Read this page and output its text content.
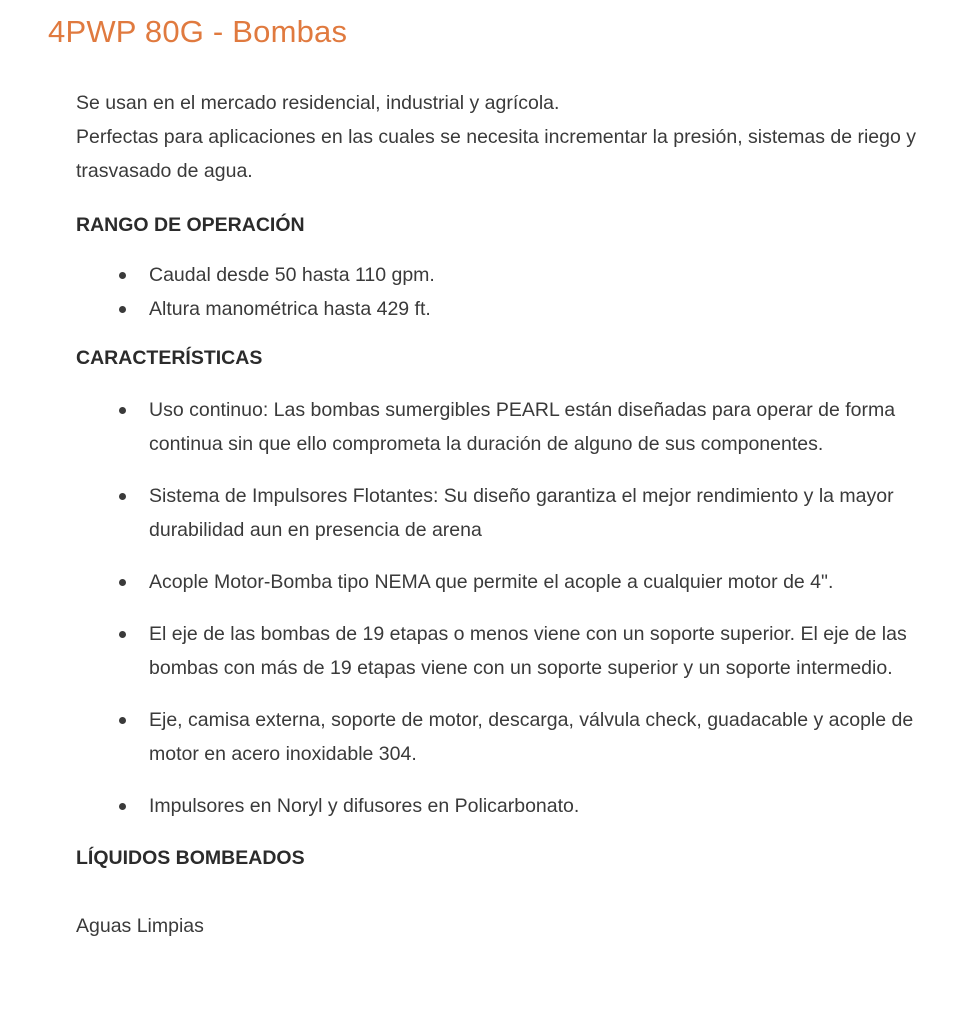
4PWP 80G - Bombas

Se usan en el mercado residencial, industrial y agrícola.
Perfectas para aplicaciones en las cuales se necesita incrementar la presión, sistemas de riego y trasvasado de agua.

RANGO DE OPERACIÓN
Caudal desde 50 hasta 110 gpm.
Altura manométrica hasta 429 ft.
CARACTERÍSTICAS
Uso continuo: Las bombas sumergibles PEARL están diseñadas para operar de forma continua sin que ello comprometa la duración de alguno de sus componentes.
Sistema de Impulsores Flotantes: Su diseño garantiza el mejor rendimiento y la mayor durabilidad aun en presencia de arena
Acople Motor-Bomba tipo NEMA que permite el acople a cualquier motor de 4".
El eje de las bombas de 19 etapas o menos viene con un soporte superior. El eje de las bombas con más de 19 etapas viene con un soporte superior y un soporte intermedio.
Eje, camisa externa, soporte de motor, descarga, válvula check, guadacable y acople de motor en acero inoxidable 304.
Impulsores en Noryl y difusores en Policarbonato.
LÍQUIDOS BOMBEADOS

Aguas Limpias
